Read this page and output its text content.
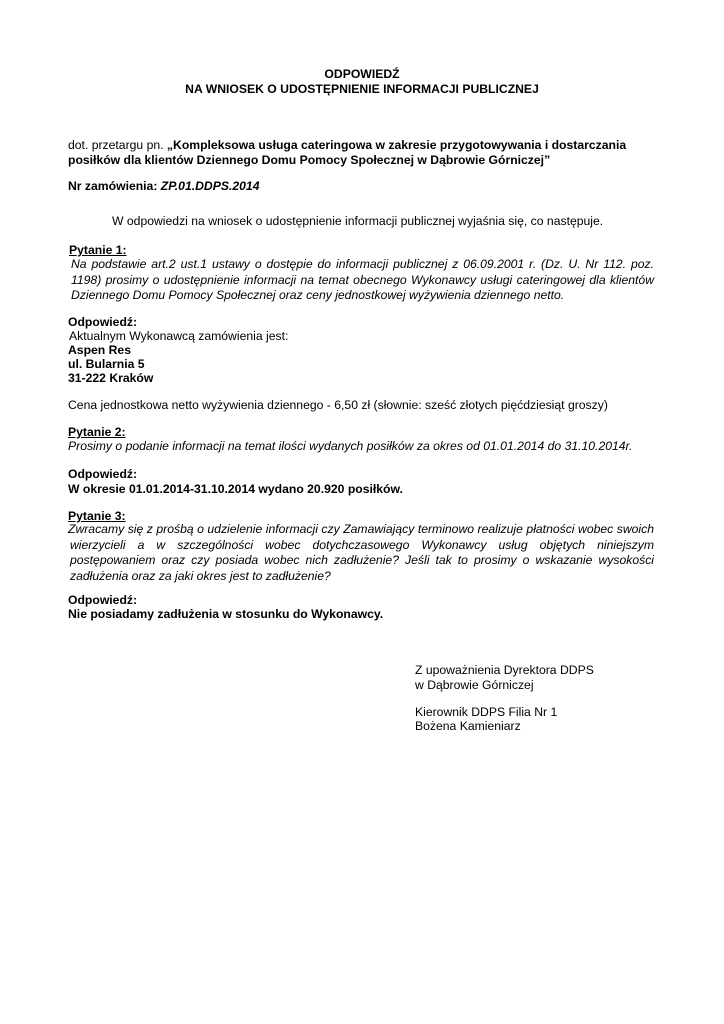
ODPOWIEDŹ
NA WNIOSEK O UDOSTĘPNIENIE INFORMACJI PUBLICZNEJ
dot. przetargu pn. „Kompleksowa usługa cateringowa w zakresie przygotowywania i dostarczania
posiłków dla klientów Dziennego Domu Pomocy Społecznej w Dąbrowie Górniczej”
Nr zamówienia: ZP.01.DDPS.2014
W odpowiedzi na wniosek o udostępnienie informacji publicznej wyjaśnia się, co następuje.
Pytanie 1:
Na podstawie art.2 ust.1 ustawy o dostępie do informacji publicznej z 06.09.2001 r. (Dz. U. Nr 112. poz.
1198) prosimy o udostępnienie informacji na temat obecnego Wykonawcy usługi cateringowej dla klientów
Dziennego Domu Pomocy Społecznej oraz ceny jednostkowej wyżywienia dziennego netto.
Odpowiedź:
Aktualnym Wykonawcą zamówienia jest:
Aspen Res
ul. Bularnia 5
31-222 Kraków
Cena jednostkowa netto wyżywienia dziennego - 6,50 zł (słownie: sześć złotych pięćdziesiąt groszy)
Pytanie 2:
Prosimy o podanie informacji na temat ilości wydanych posiłków za okres od 01.01.2014 do 31.10.2014r.
Odpowiedź:
W okresie 01.01.2014-31.10.2014 wydano 20.920 posiłków.
Pytanie 3:
Zwracamy się z prośbą o udzielenie informacji czy Zamawiający terminowo realizuje płatności wobec swoich
wierzycieli a w szczególności wobec dotychczasowego Wykonawcy usług objętych niniejszym
postępowaniem oraz czy posiada wobec nich zadłużenie? Jeśli tak to prosimy o wskazanie wysokości
zadłużenia oraz za jaki okres jest to zadłużenie?
Odpowiedź:
Nie posiadamy zadłużenia w stosunku do Wykonawcy.
Z upoważnienia Dyrektora DDPS
w Dąbrowie Górniczej
Kierownik DDPS Filia Nr 1
Bożena Kamieniarz
